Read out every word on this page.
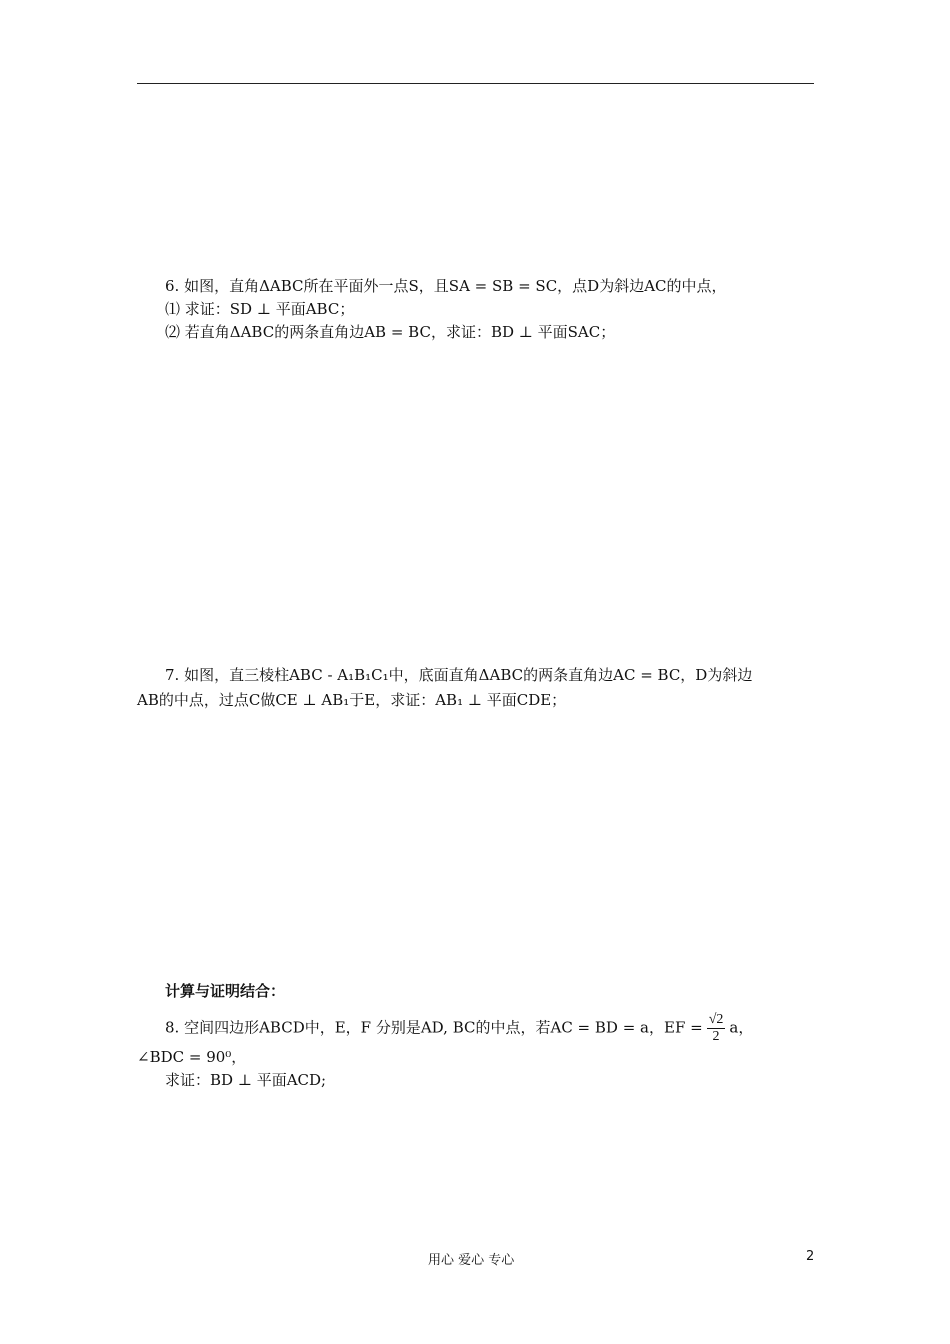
6. 如图，直角ΔABC所在平面外一点S，且SA = SB = SC，点D为斜边AC的中点，
⑴ 求证：SD ⊥ 平面ABC；
⑵ 若直角ΔABC的两条直角边AB = BC，求证：BD ⊥ 平面SAC；
7. 如图，直三棱柱ABC - A₁B₁C₁中，底面直角ΔABC的两条直角边AC = BC，D为斜边
AB的中点，过点C做CE ⊥ AB₁于E，求证：AB₁ ⊥ 平面CDE；
计算与证明结合：
8. 空间四边形ABCD中，E，F 分别是AD, BC的中点，若AC = BD = a，EF = $\frac{√2}{2}$ a，
∠BDC = 90⁰，
求证：BD ⊥ 平面ACD;
用心 爱心 专心	2
